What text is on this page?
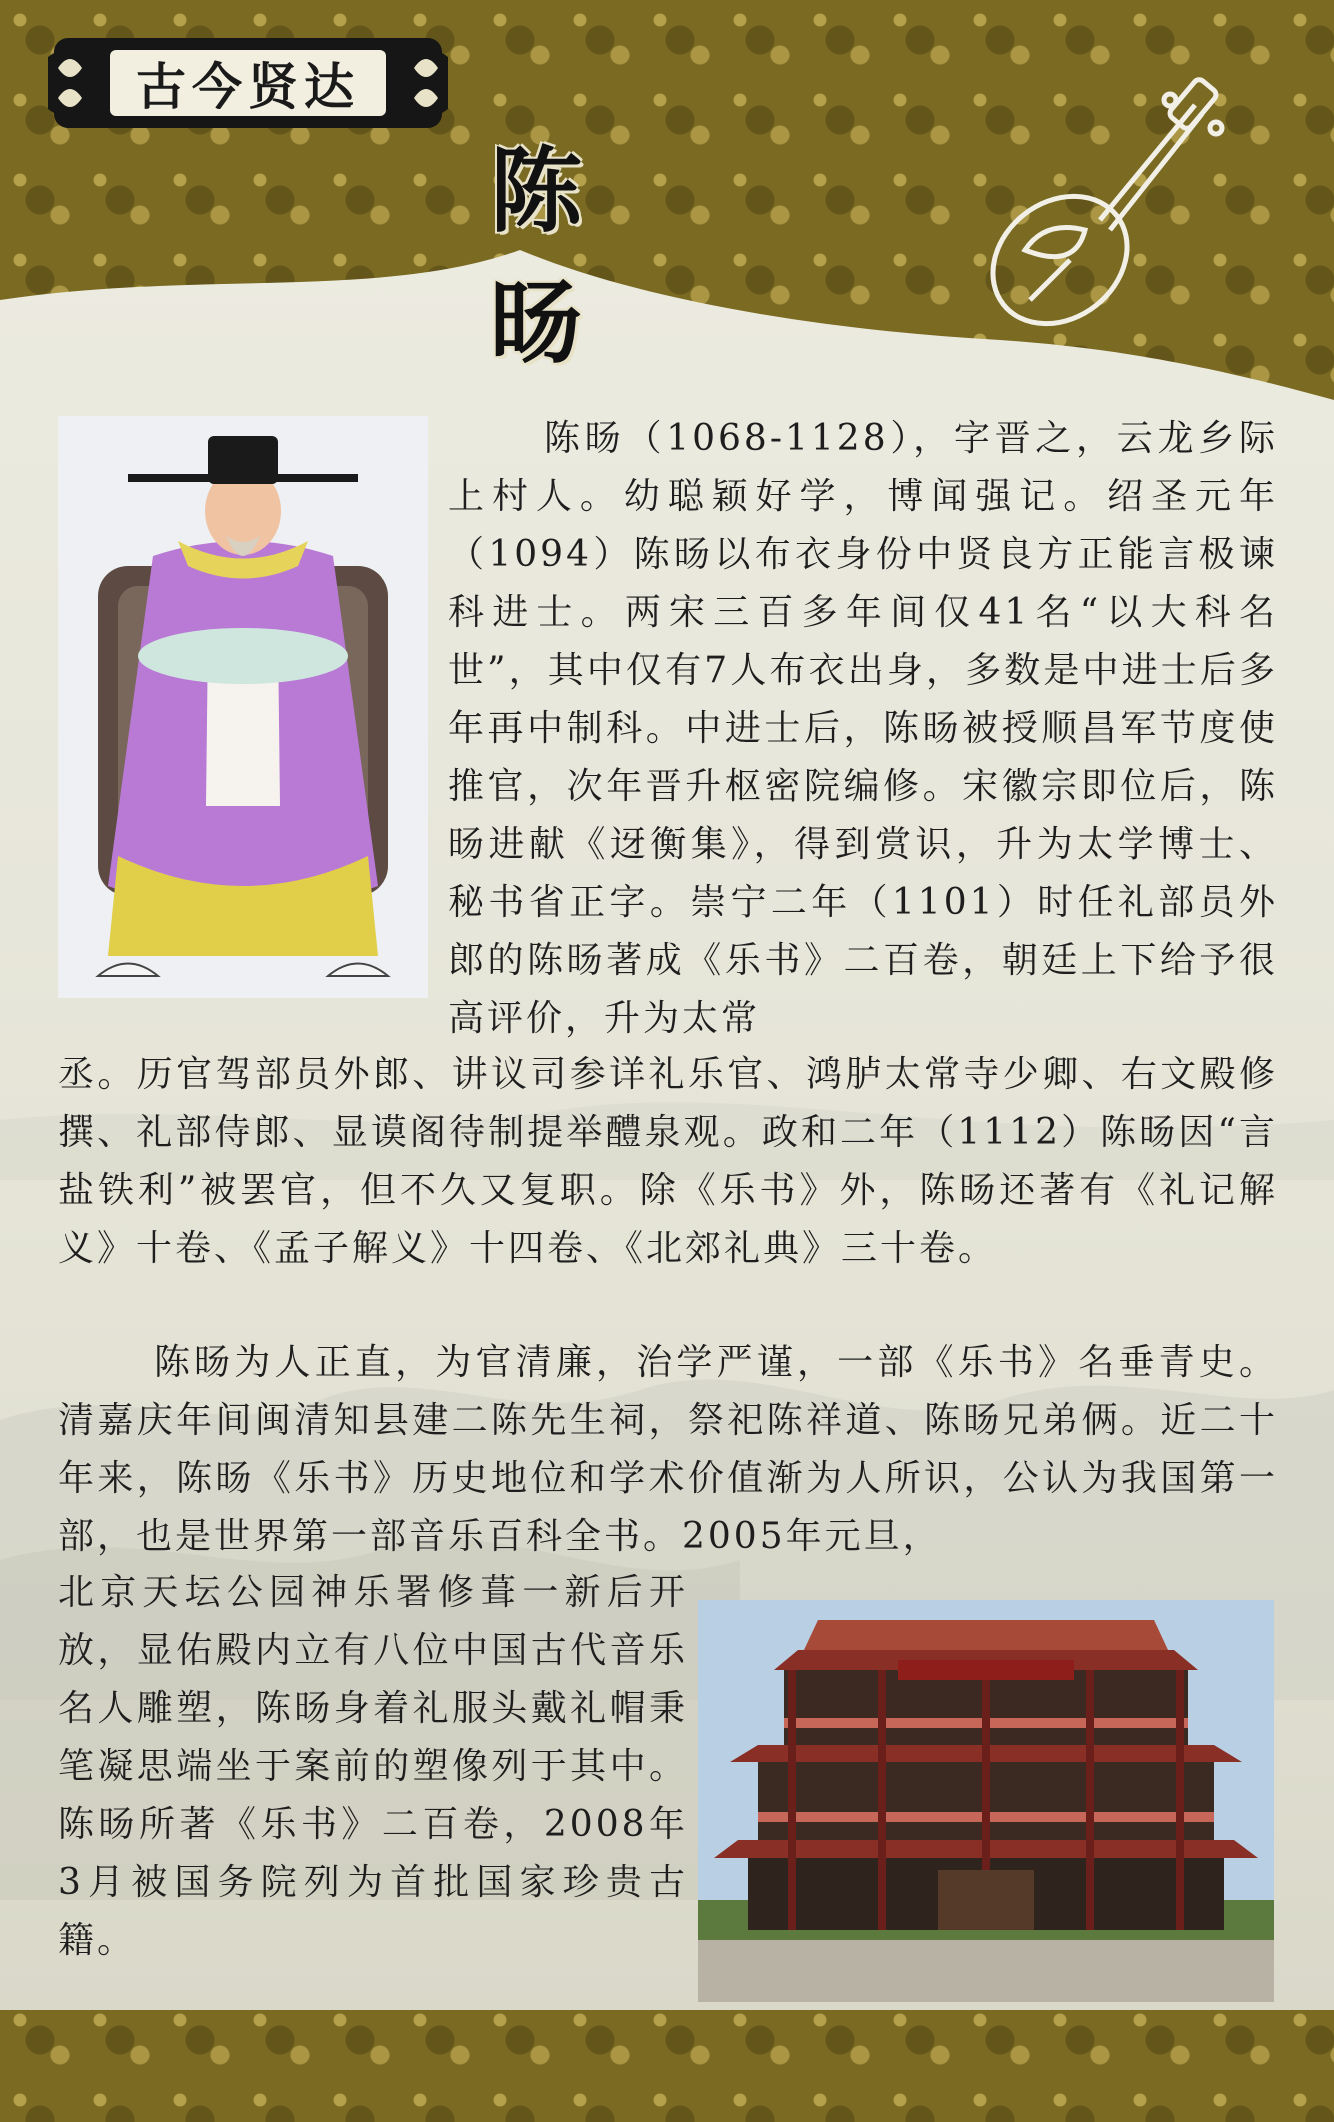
古今贤达
陈　旸
陈旸（1068-1128），字晋之，云龙乡际上村人。幼聪颖好学，博闻强记。绍圣元年（1094）陈旸以布衣身份中贤良方正能言极谏科进士。两宋三百多年间仅41名“以大科名世”，其中仅有7人布衣出身，多数是中进士后多年再中制科。中进士后，陈旸被授顺昌军节度使推官，次年晋升枢密院编修。宋徽宗即位后，陈旸进献《迓衡集》，得到赏识，升为太学博士、秘书省正字。崇宁二年（1101）时任礼部员外郎的陈旸著成《乐书》二百卷，朝廷上下给予很高评价，升为太常
丞。历官驾部员外郎、讲议司参详礼乐官、鸿胪太常寺少卿、右文殿修撰、礼部侍郎、显谟阁待制提举醴泉观。政和二年（1112）陈旸因“言盐铁利”被罢官，但不久又复职。除《乐书》外，陈旸还著有《礼记解义》十卷、《孟子解义》十四卷、《北郊礼典》三十卷。
陈旸为人正直，为官清廉，治学严谨，一部《乐书》名垂青史。清嘉庆年间闽清知县建二陈先生祠，祭祀陈祥道、陈旸兄弟俩。近二十年来，陈旸《乐书》历史地位和学术价值渐为人所识，公认为我国第一部，也是世界第一部音乐百科全书。2005年元旦，
北京天坛公园神乐署修葺一新后开放，显佑殿内立有八位中国古代音乐名人雕塑，陈旸身着礼服头戴礼帽秉笔凝思端坐于案前的塑像列于其中。陈旸所著《乐书》二百卷，2008年3月被国务院列为首批国家珍贵古籍。
